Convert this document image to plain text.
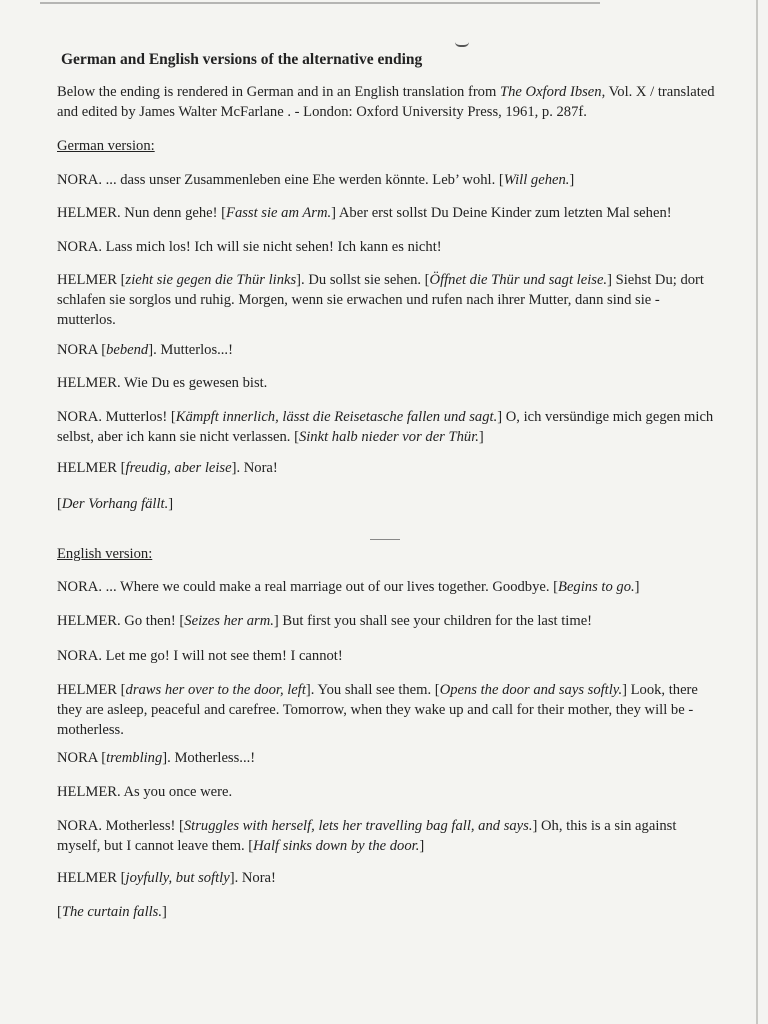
German and English versions of the alternative ending

Below the ending is rendered in German and in an English translation from The Oxford Ibsen, Vol. X / translated and edited by James Walter McFarlane . - London: Oxford University Press, 1961, p. 287f.

German version:

NORA. ... dass unser Zusammenleben eine Ehe werden könnte. Leb’ wohl. [Will gehen.]

HELMER. Nun denn gehe! [Fasst sie am Arm.] Aber erst sollst Du Deine Kinder zum letzten Mal sehen!

NORA. Lass mich los! Ich will sie nicht sehen! Ich kann es nicht!

HELMER [zieht sie gegen die Thür links]. Du sollst sie sehen. [Öffnet die Thür und sagt leise.] Siehst Du; dort schlafen sie sorglos und ruhig. Morgen, wenn sie erwachen und rufen nach ihrer Mutter, dann sind sie - mutterlos.

NORA [bebend]. Mutterlos...!

HELMER. Wie Du es gewesen bist.

NORA. Mutterlos! [Kämpft innerlich, lässt die Reisetasche fallen und sagt.] O, ich versündige mich gegen mich selbst, aber ich kann sie nicht verlassen. [Sinkt halb nieder vor der Thür.]

HELMER [freudig, aber leise]. Nora!

[Der Vorhang fällt.]

English version:

NORA. ... Where we could make a real marriage out of our lives together. Goodbye. [Begins to go.]

HELMER. Go then! [Seizes her arm.] But first you shall see your children for the last time!

NORA. Let me go! I will not see them! I cannot!

HELMER [draws her over to the door, left]. You shall see them. [Opens the door and says softly.] Look, there they are asleep, peaceful and carefree. Tomorrow, when they wake up and call for their mother, they will be - motherless.

NORA [trembling]. Motherless...!

HELMER. As you once were.

NORA. Motherless! [Struggles with herself, lets her travelling bag fall, and says.] Oh, this is a sin against myself, but I cannot leave them. [Half sinks down by the door.]

HELMER [joyfully, but softly]. Nora!

[The curtain falls.]
